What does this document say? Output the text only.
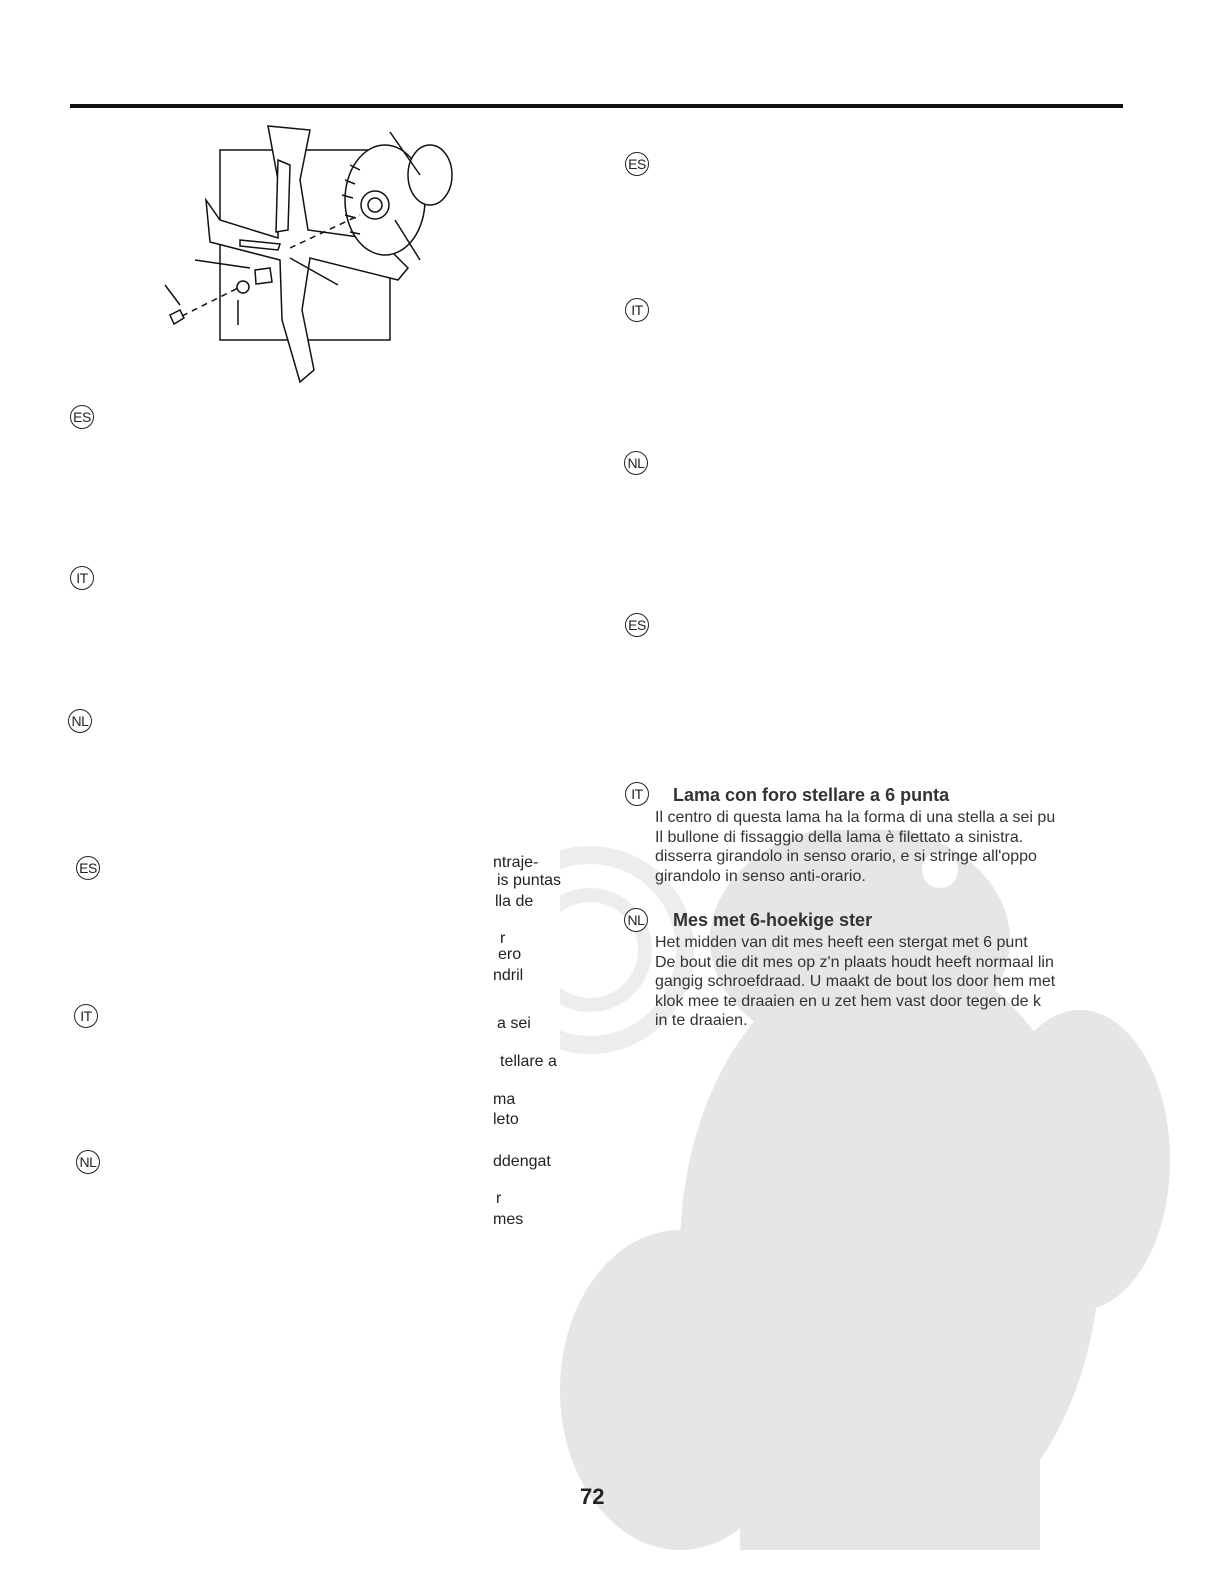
ES
IT
NL
ES
IT
NL
ntraje-
is puntas
lla de
r
ero
ndril
a sei
tellare a
ma
leto
ddengat
r
mes
ES
IT
NL
ES
IT
NL
Lama con foro stellare a 6 punta
Il centro di questa lama ha la forma di una stella a sei pu
Il bullone di fissaggio della lama è filettato a sinistra.
disserra girandolo in senso orario, e si stringe all'oppo
girandolo in senso anti-orario.
Mes met 6-hoekige ster
Het midden van dit mes heeft een stergat met 6 punt
De bout die dit mes op z'n plaats houdt heeft normaal lin
gangig schroefdraad. U maakt de bout los door hem met
klok mee te draaien en u zet hem vast door tegen de k
in te draaien.
72
